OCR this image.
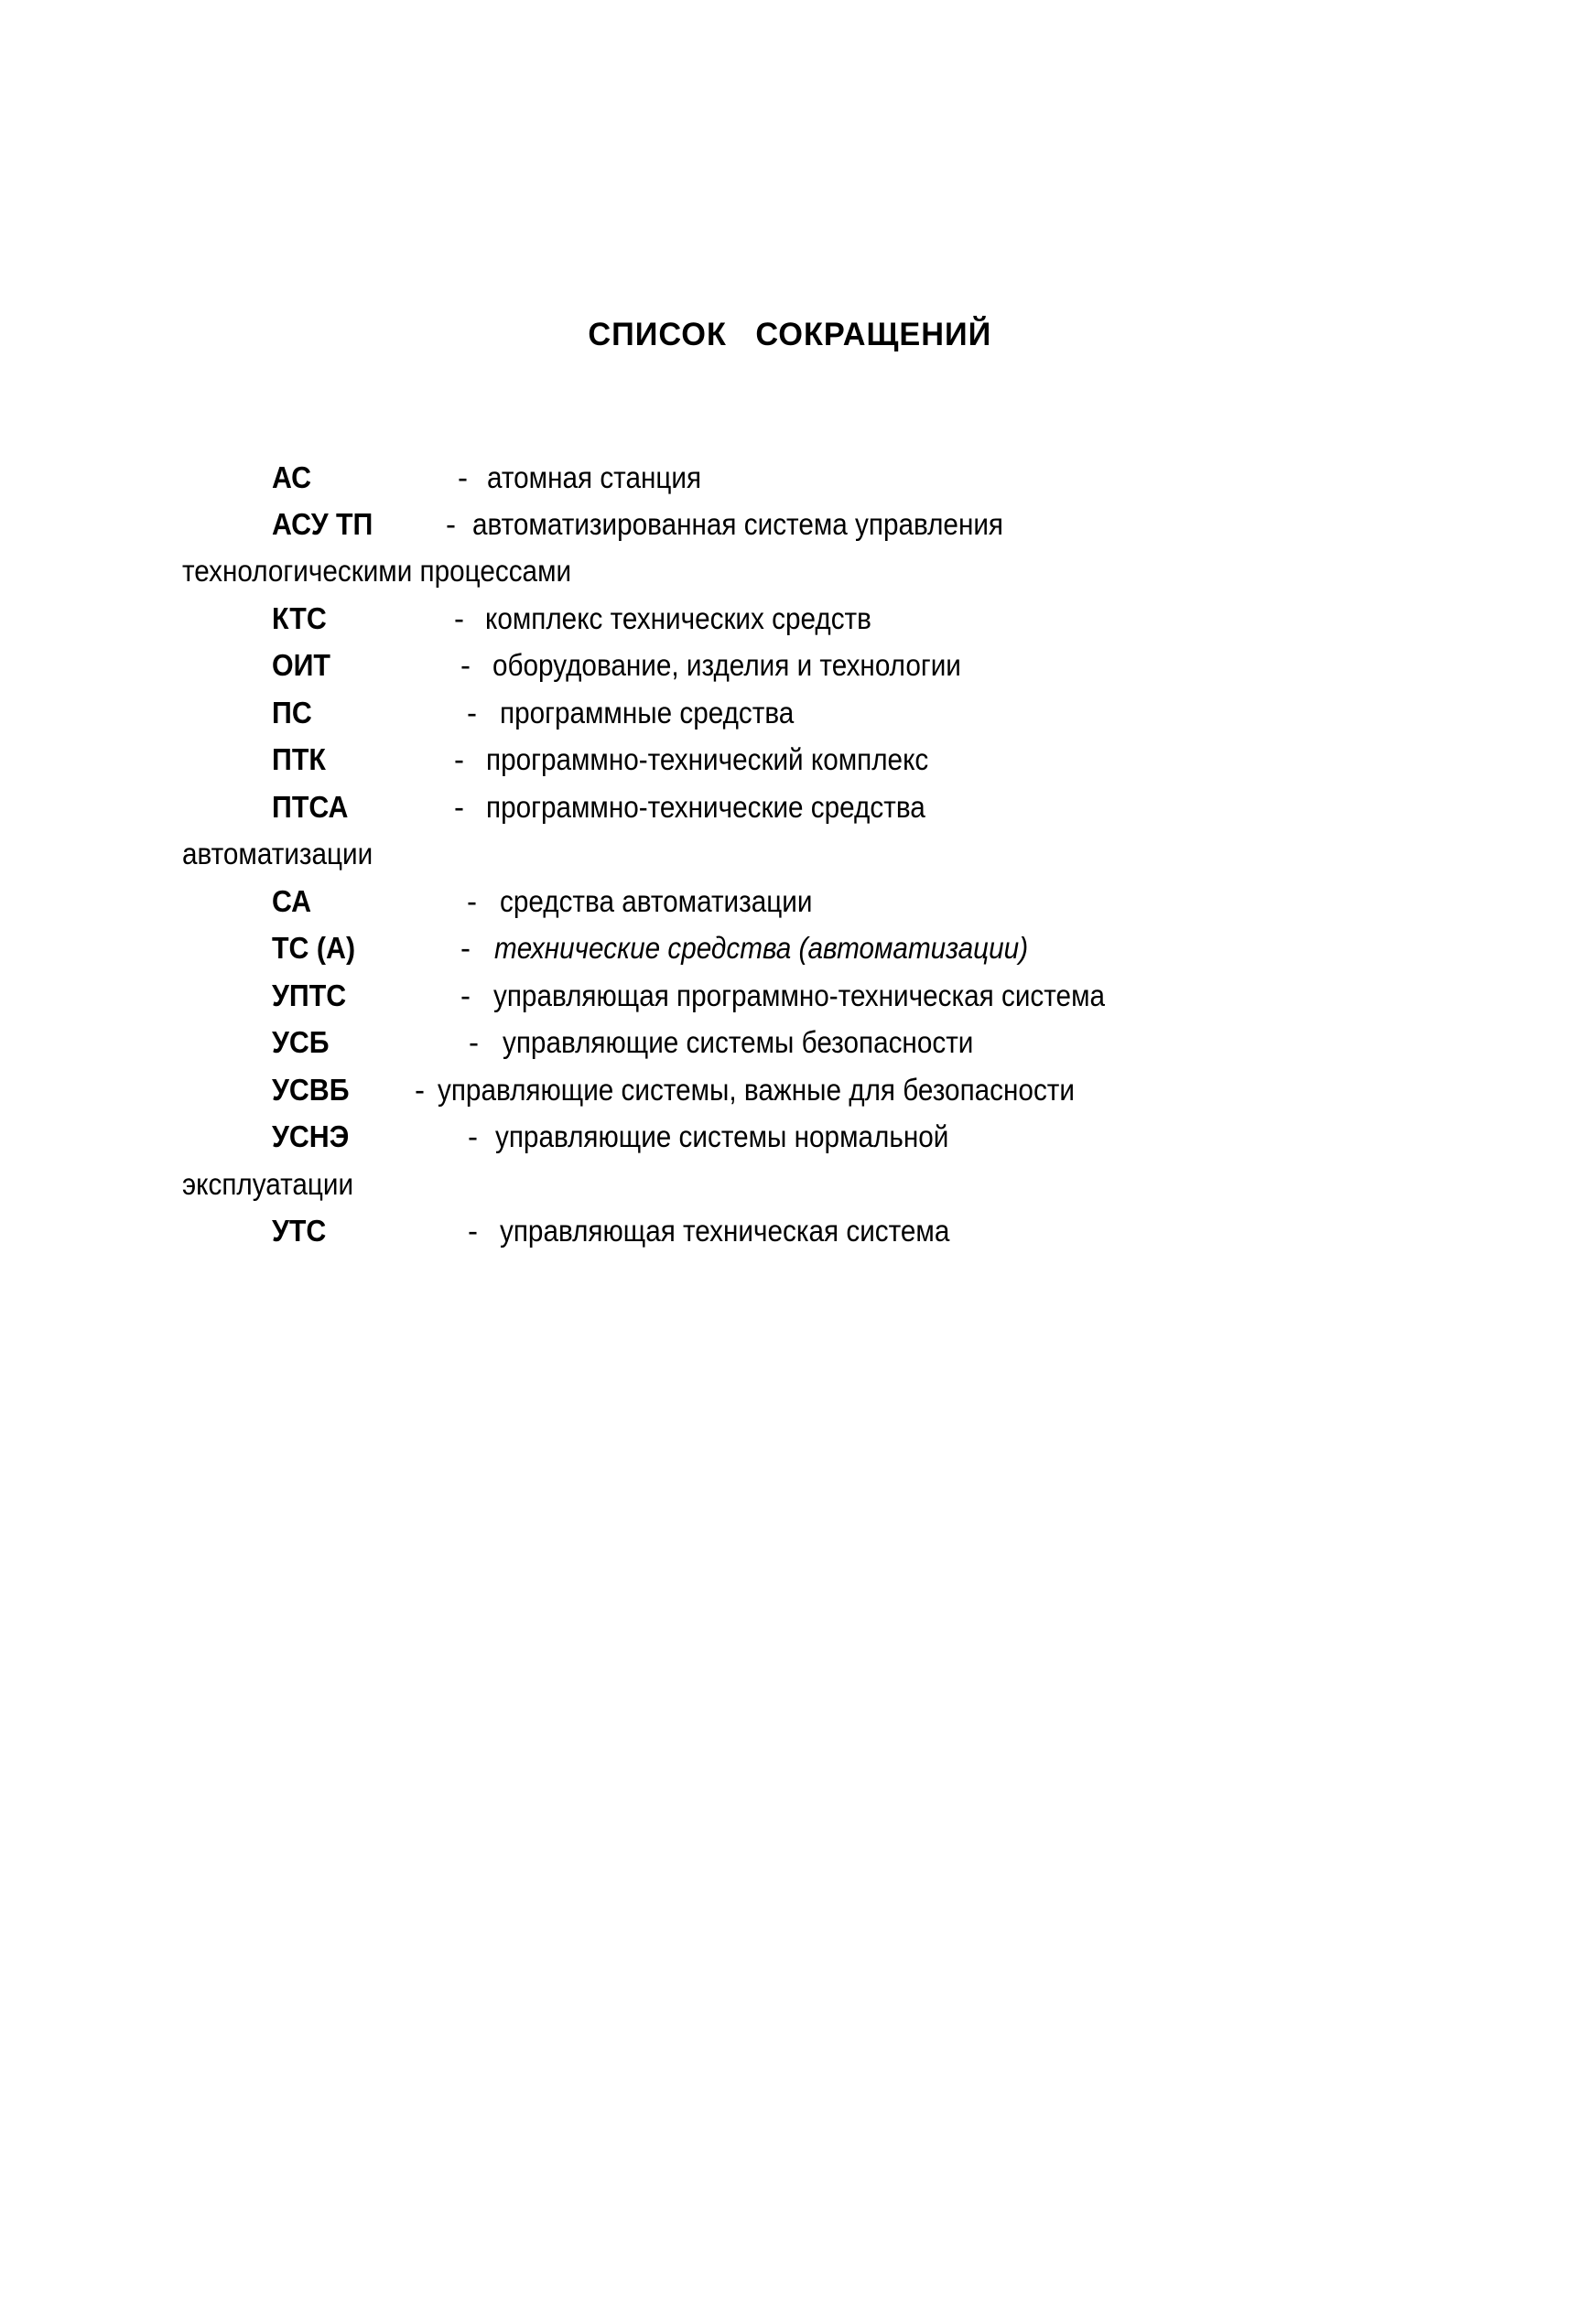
СПИСОК   СОКРАЩЕНИЙ
АС	- атомная станция
АСУ ТП - автоматизированная система управления
технологическими процессами
КТС	- комплекс технических средств
ОИТ	- оборудование, изделия и технологии
ПС	- программные средства
ПТК	- программно-технический комплекс
ПТСА	- программно-технические средства
автоматизации
СА	- средства автоматизации
ТС (А)	- технические средства (автоматизации)
УПТС	- управляющая программно-техническая система
УСБ	- управляющие системы безопасности
УСВБ - управляющие системы, важные для безопасности
УСНЭ	- управляющие системы нормальной
эксплуатации
УТС	- управляющая техническая система
